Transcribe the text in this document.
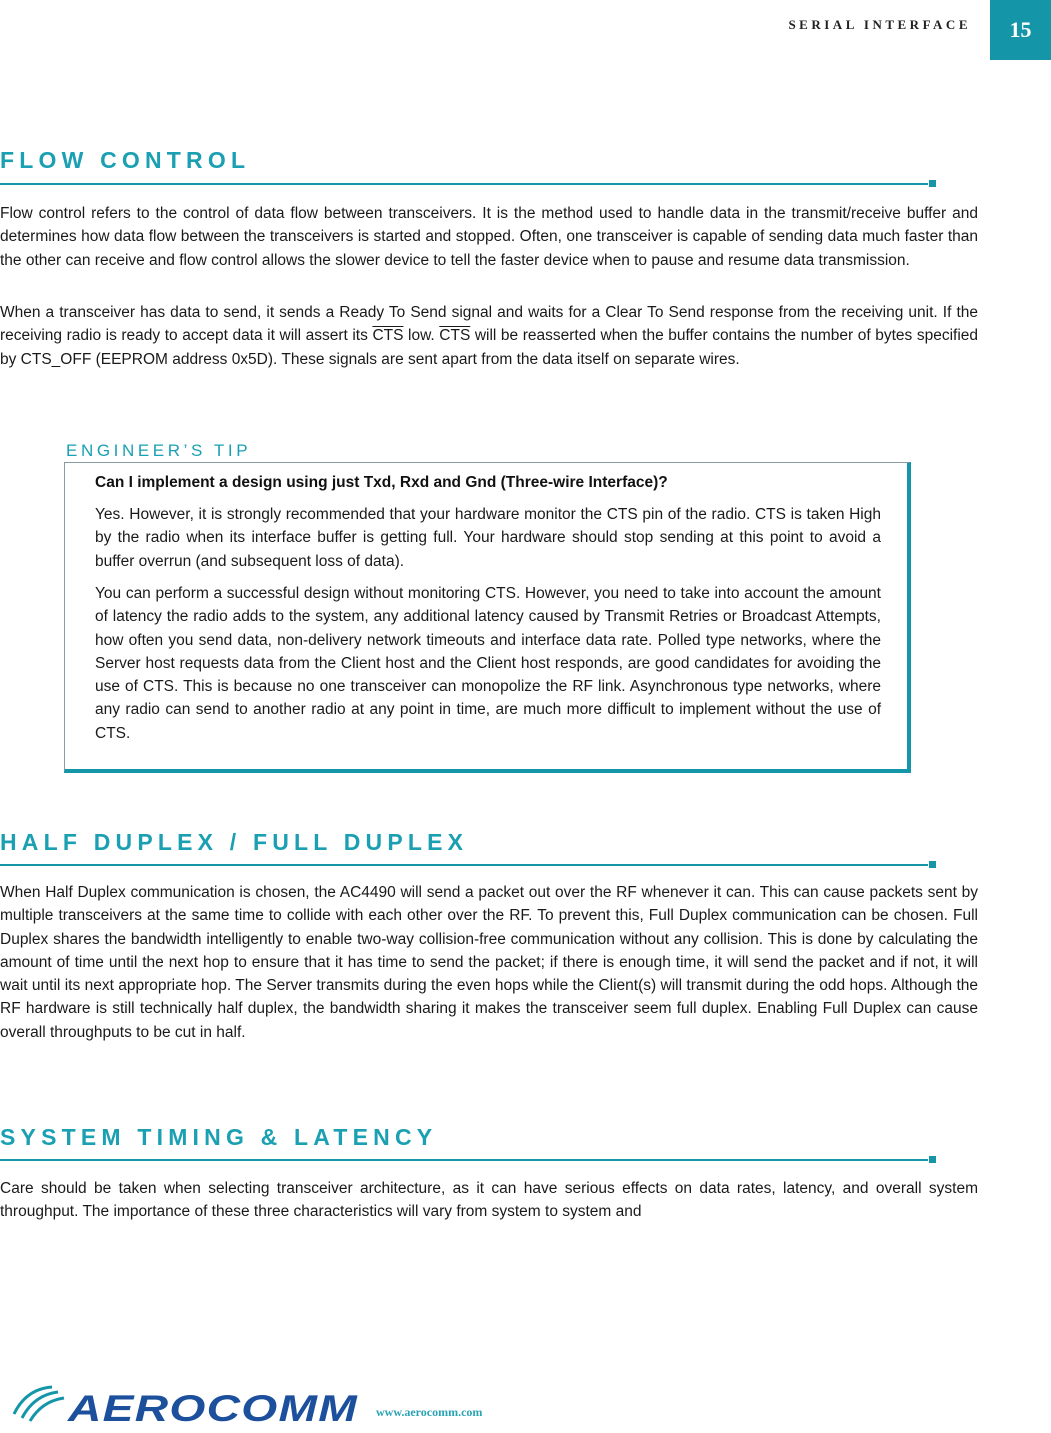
SERIAL INTERFACE	15
FLOW CONTROL

Flow control refers to the control of data flow between transceivers. It is the method used to handle data in the transmit/receive buffer and determines how data flow between the transceivers is started and stopped. Often, one transceiver is capable of sending data much faster than the other can receive and flow control allows the slower device to tell the faster device when to pause and resume data transmission.

When a transceiver has data to send, it sends a Ready To Send signal and waits for a Clear To Send response from the receiving unit. If the receiving radio is ready to accept data it will assert its $\overline{CTS}$ low. $\overline{CTS}$ will be reasserted when the buffer contains the number of bytes specified by CTS_OFF (EEPROM address 0x5D). These signals are sent apart from the data itself on separate wires.

ENGINEER’S TIP

Can I implement a design using just Txd, Rxd and Gnd (Three-wire Interface)?

Yes. However, it is strongly recommended that your hardware monitor the CTS pin of the radio. CTS is taken High by the radio when its interface buffer is getting full. Your hardware should stop sending at this point to avoid a buffer overrun (and subsequent loss of data).

You can perform a successful design without monitoring CTS. However, you need to take into account the amount of latency the radio adds to the system, any additional latency caused by Transmit Retries or Broadcast Attempts, how often you send data, non-delivery network timeouts and interface data rate. Polled type networks, where the Server host requests data from the Client host and the Client host responds, are good candidates for avoiding the use of CTS. This is because no one transceiver can monopolize the RF link. Asynchronous type networks, where any radio can send to another radio at any point in time, are much more difficult to implement without the use of CTS.

HALF DUPLEX / FULL DUPLEX

When Half Duplex communication is chosen, the AC4490 will send a packet out over the RF whenever it can. This can cause packets sent by multiple transceivers at the same time to collide with each other over the RF. To prevent this, Full Duplex communication can be chosen. Full Duplex shares the bandwidth intelligently to enable two-way collision-free communication without any collision. This is done by calculating the amount of time until the next hop to ensure that it has time to send the packet; if there is enough time, it will send the packet and if not, it will wait until its next appropriate hop. The Server transmits during the even hops while the Client(s) will transmit during the odd hops. Although the RF hardware is still technically half duplex, the bandwidth sharing it makes the transceiver seem full duplex. Enabling Full Duplex can cause overall throughputs to be cut in half.

SYSTEM TIMING & LATENCY

Care should be taken when selecting transceiver architecture, as it can have serious effects on data rates, latency, and overall system throughput. The importance of these three characteristics will vary from system to system and

AEROCOMM www.aerocomm.com
